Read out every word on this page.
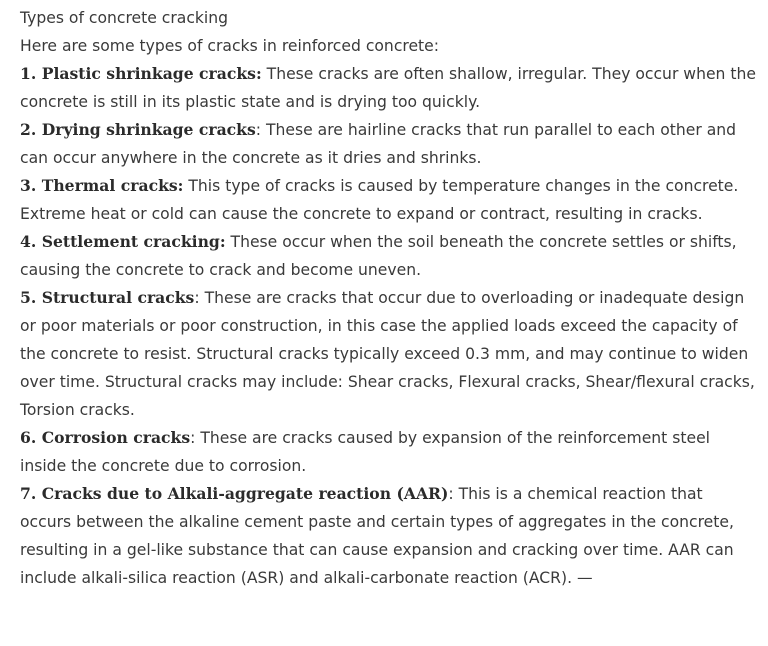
Types of concrete cracking

Here are some types of cracks in reinforced concrete:

1. Plastic shrinkage cracks: These cracks are often shallow, irregular. They occur when the concrete is still in its plastic state and is drying too quickly.

2. Drying shrinkage cracks: These are hairline cracks that run parallel to each other and can occur anywhere in the concrete as it dries and shrinks.

3. Thermal cracks: This type of cracks is caused by temperature changes in the concrete. Extreme heat or cold can cause the concrete to expand or contract, resulting in cracks.

4. Settlement cracking: These occur when the soil beneath the concrete settles or shifts, causing the concrete to crack and become uneven.

5. Structural cracks: These are cracks that occur due to overloading or inadequate design or poor materials or poor construction, in this case the applied loads exceed the capacity of the concrete to resist. Structural cracks typically exceed 0.3 mm, and may continue to widen over time. Structural cracks may include: Shear cracks, Flexural cracks, Shear/flexural cracks, Torsion cracks.

6. Corrosion cracks: These are cracks caused by expansion of the reinforcement steel inside the concrete due to corrosion.

7. Cracks due to Alkali-aggregate reaction (AAR): This is a chemical reaction that occurs between the alkaline cement paste and certain types of aggregates in the concrete, resulting in a gel-like substance that can cause expansion and cracking over time. AAR can include alkali-silica reaction (ASR) and alkali-carbonate reaction (ACR). —
